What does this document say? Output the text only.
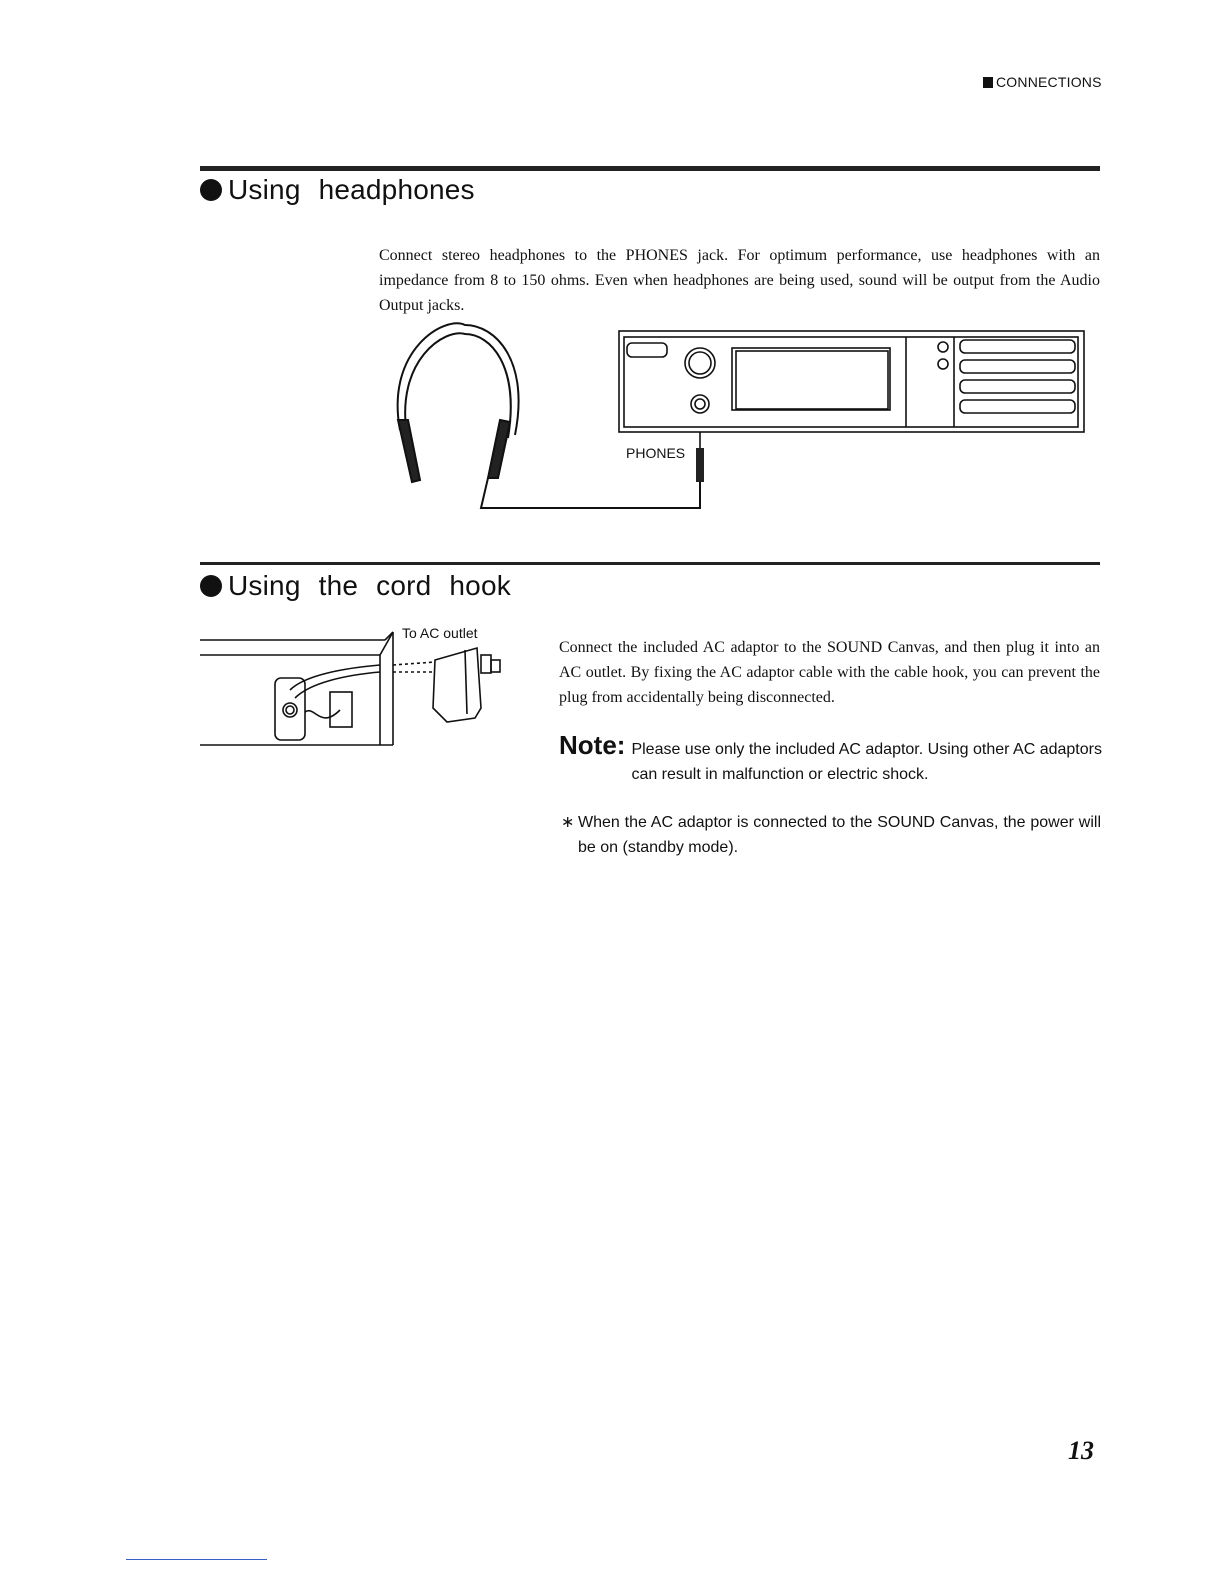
CONNECTIONS
Using headphones
Connect stereo headphones to the PHONES jack. For optimum performance, use headphones with an impedance from 8 to 150 ohms. Even when headphones are being used, sound will be output from the Audio Output jacks.
PHONES
Using the cord hook
To AC outlet
Connect the included AC adaptor to the SOUND Canvas, and then plug it into an AC outlet. By fixing the AC adaptor cable with the cable hook, you can prevent the plug from accidentally being disconnected.
Note: Please use only the included AC adaptor. Using other AC adaptors can result in malfunction or electric shock.
∗ When the AC adaptor is connected to the SOUND Canvas, the power will be on (standby mode).
13
